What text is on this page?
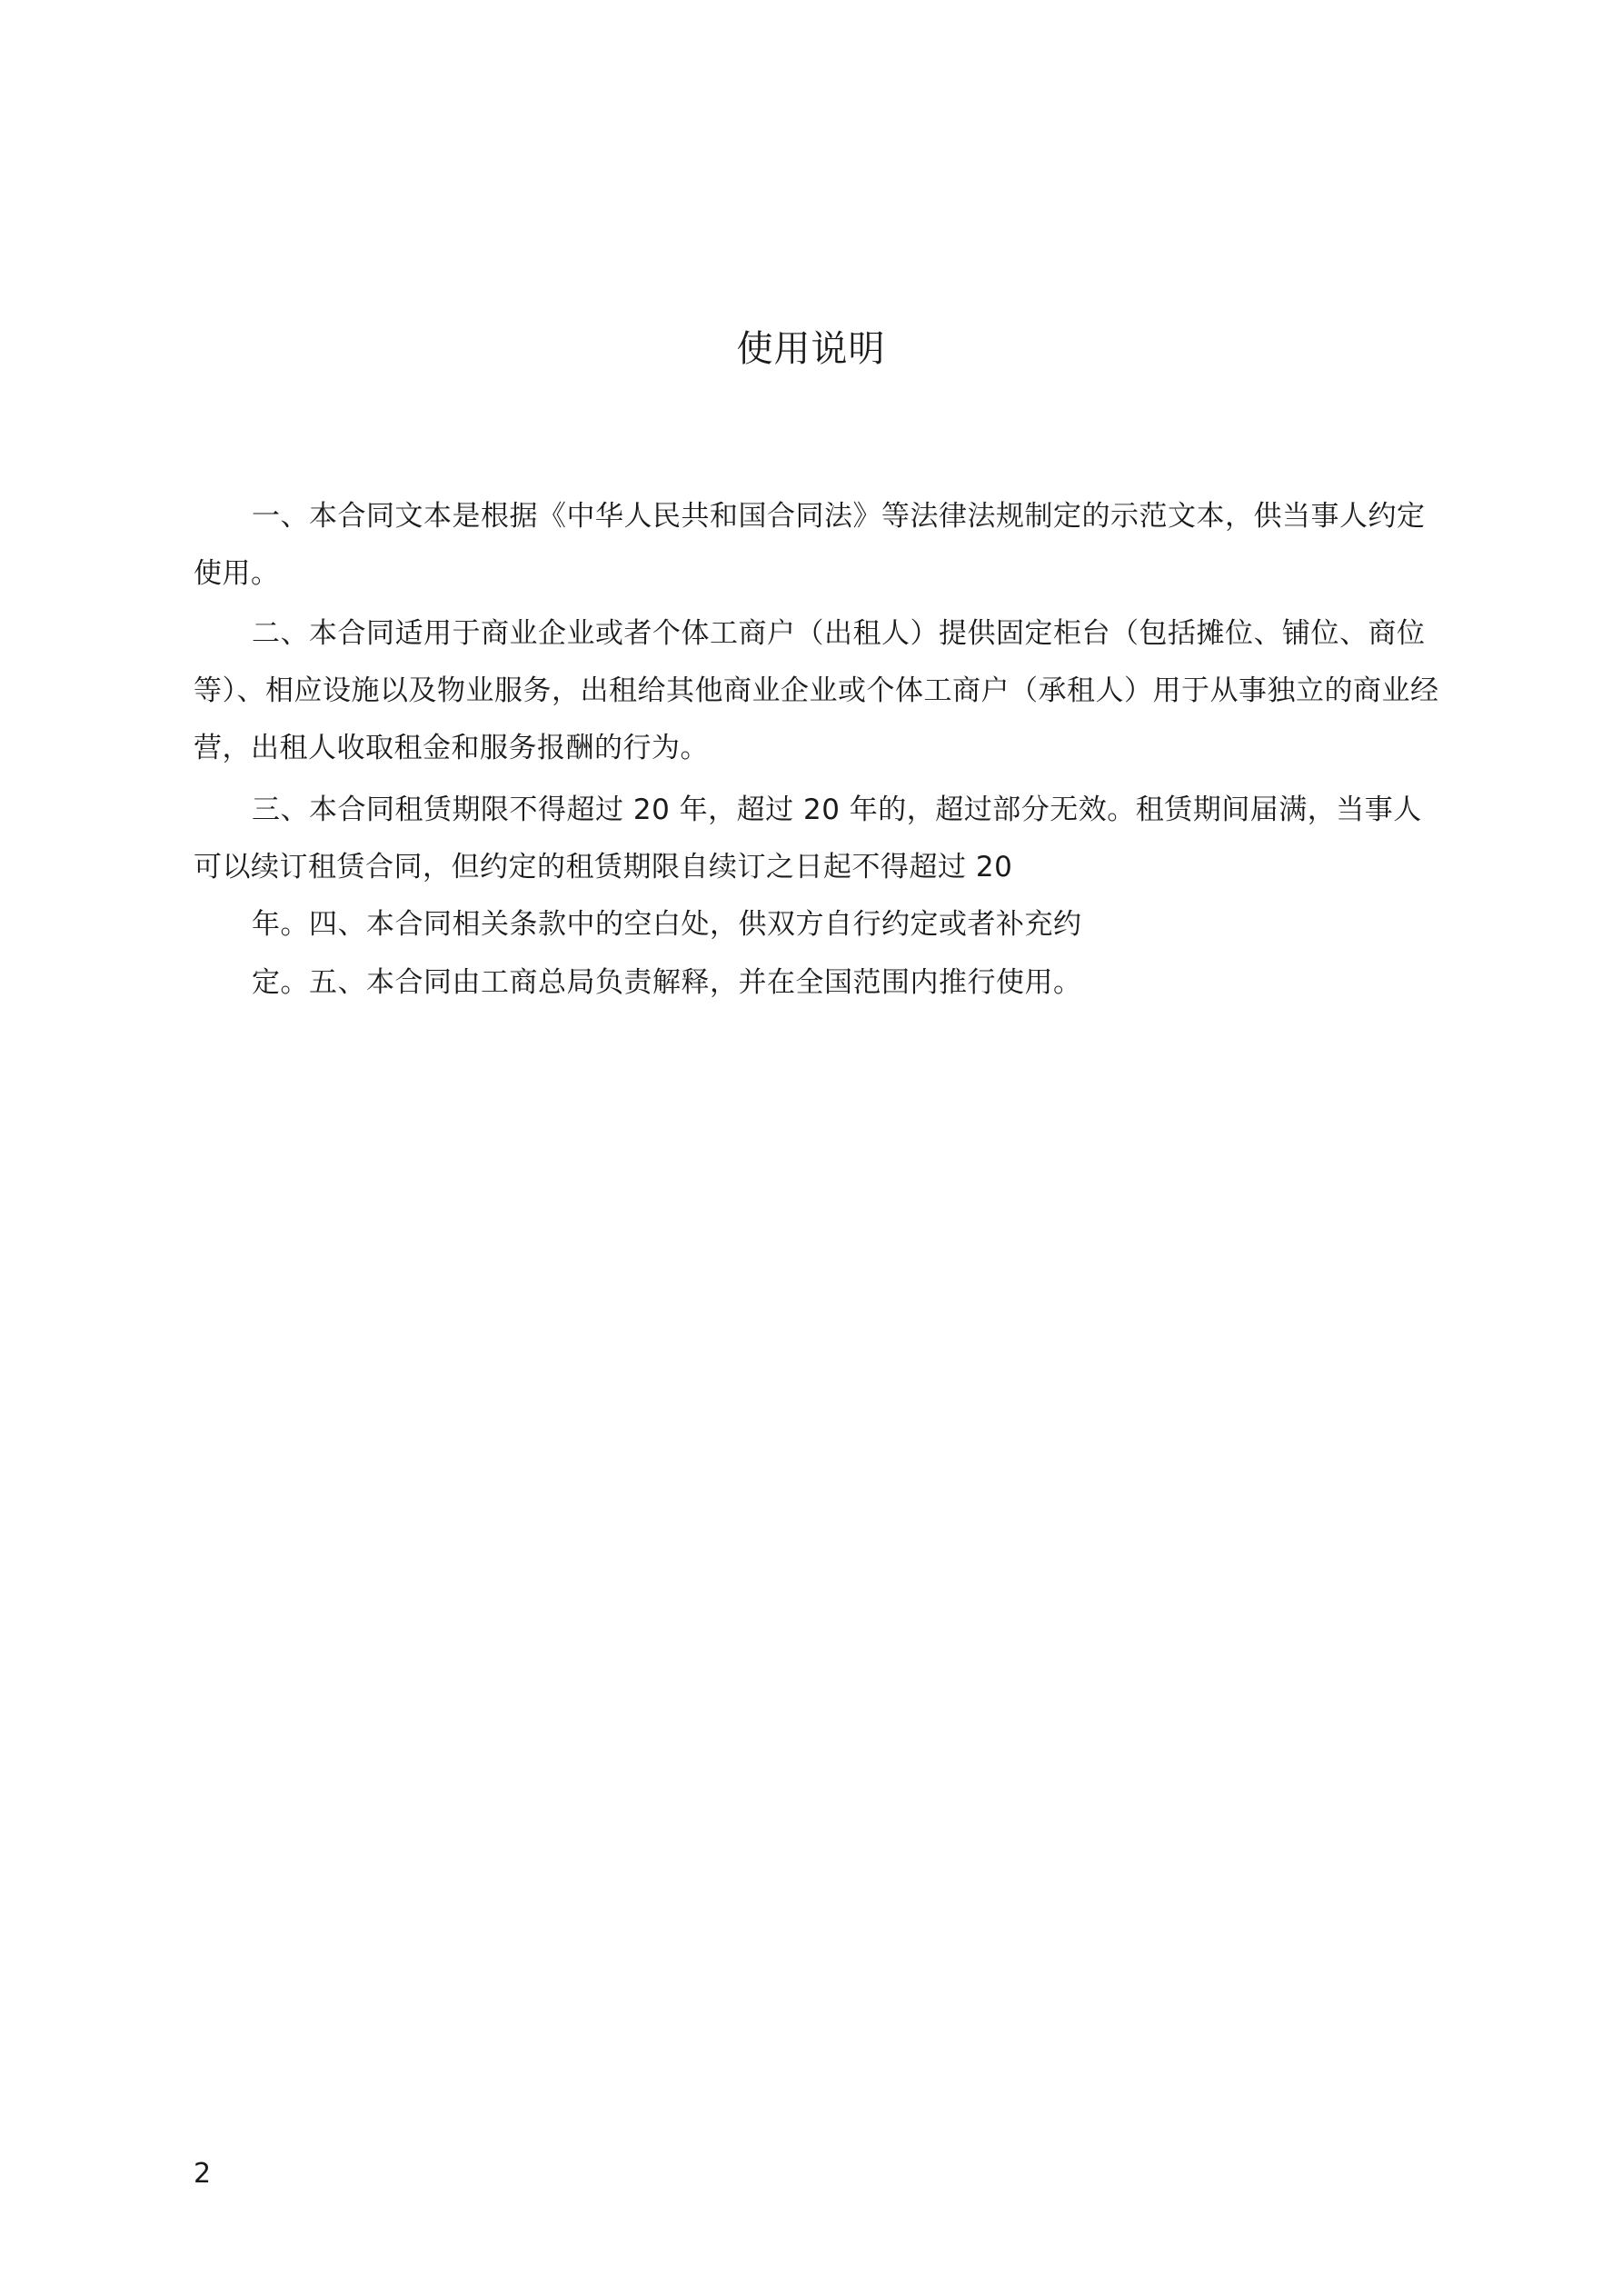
使用说明
一、本合同文本是根据《中华人民共和国合同法》等法律法规制定的示范文本，供当事人约定使用。
二、本合同适用于商业企业或者个体工商户（出租人）提供固定柜台（包括摊位、铺位、商位等）、相应设施以及物业服务，出租给其他商业企业或个体工商户（承租人）用于从事独立的商业经营，出租人收取租金和服务报酬的行为。
三、本合同租赁期限不得超过 20 年，超过 20 年的，超过部分无效。租赁期间届满，当事人可以续订租赁合同，但约定的租赁期限自续订之日起不得超过 20
年。四、本合同相关条款中的空白处，供双方自行约定或者补充约
定。五、本合同由工商总局负责解释，并在全国范围内推行使用。
2
